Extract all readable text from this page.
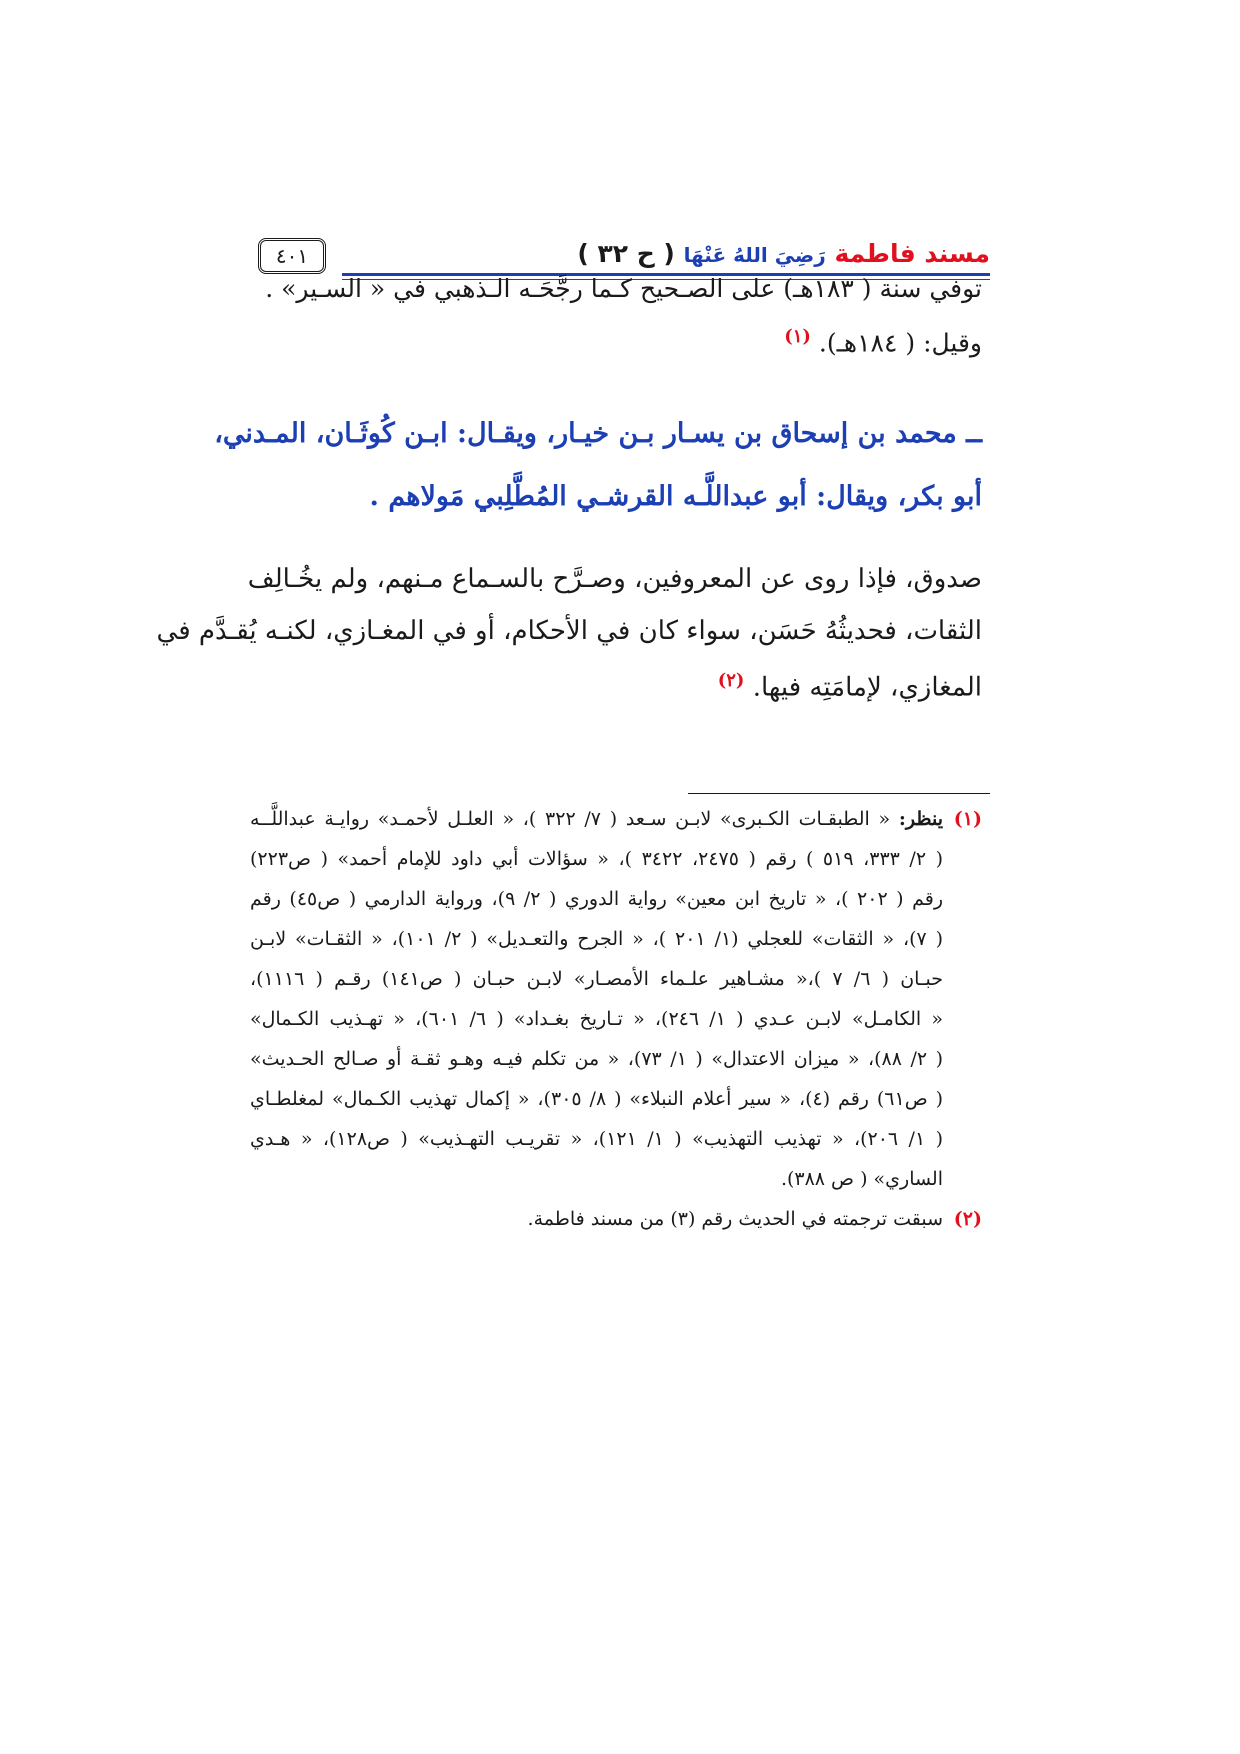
مسند فاطمة رَضِيَ اللهُ عَنْهَا ( ح ٣٢ )
٤٠١
توفي سنة ( ١٨٣هـ) على الصـحيح كـما رجَّحَـه الـذهبي في « السـير» .
وقيل: ( ١٨٤هـ). $^{(١)}$
ــ محمد بن إسحاق بن يسـار بـن خيـار، ويقـال: ابـن كُوثَـان، المـدني،
أبو بكر، ويقال: أبو عبداللَّـه القرشـي المُطَّلِبي مَولاهم .
صدوق، فإذا روى عن المعروفين، وصـرَّح بالسـماع مـنهم، ولم يخُـالِف
الثقات، فحديثُهُ حَسَن، سواء كان في الأحكام، أو في المغـازي، لكنـه يُقـدَّم في
المغازي، لإمامَتِه فيها. $^{(٢)}$
(١)
ينظر: « الطبقـات الكـبرى» لابـن سـعد ( ٧/ ٣٢٢ )، « العلـل لأحمـد» روايـة عبداللَّــه
( ٢/ ٣٣٣، ٥١٩ ) رقم ( ٢٤٧٥، ٣٤٢٢ )، « سؤالات أبي داود للإمام أحمد» ( ص٢٢٣)
رقم ( ٢٠٢ )، « تاريخ ابن معين» رواية الدوري ( ٢/ ٩)، ورواية الدارمي ( ص٤٥) رقم
( ٧)، « الثقات» للعجلي (١/ ٢٠١ )، « الجرح والتعـديل» ( ٢/ ١٠١)، « الثقـات» لابـن
حبـان ( ٦/ ٧ )،« مشـاهير علـماء الأمصـار» لابـن حبـان ( ص١٤١) رقـم ( ١١١٦)،
« الكامـل» لابـن عـدي ( ١/ ٢٤٦)، « تـاريخ بغـداد» ( ٦/ ٦٠١)، « تهـذيب الكـمال»
( ٢/ ٨٨)، « ميزان الاعتدال» ( ١/ ٧٣)، « من تكلم فيـه وهـو ثقـة أو صـالح الحـديث»
( ص٦١) رقم (٤)، « سير أعلام النبلاء» ( ٨/ ٣٠٥)، « إكمال تهذيب الكـمال» لمغلطـاي
( ١/ ٢٠٦)، « تهذيب التهذيب» ( ١/ ١٢١)، « تقريـب التهـذيب» ( ص١٢٨)، « هـدي
الساري» ( ص ٣٨٨).
(٢)
سبقت ترجمته في الحديث رقم (٣) من مسند فاطمة.
